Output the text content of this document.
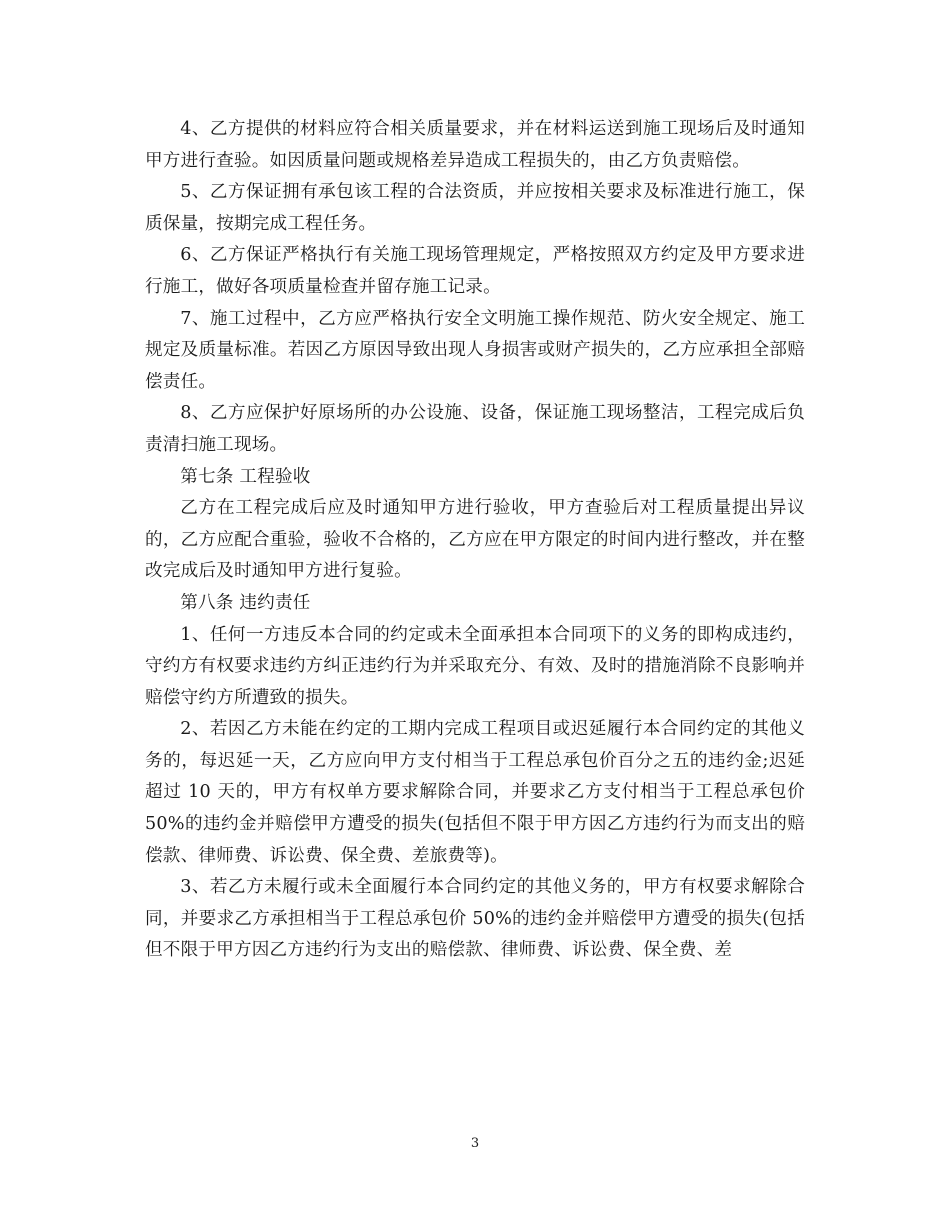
4、乙方提供的材料应符合相关质量要求，并在材料运送到施工现场后及时通知甲方进行查验。如因质量问题或规格差异造成工程损失的，由乙方负责赔偿。

5、乙方保证拥有承包该工程的合法资质，并应按相关要求及标准进行施工，保质保量，按期完成工程任务。

6、乙方保证严格执行有关施工现场管理规定，严格按照双方约定及甲方要求进行施工，做好各项质量检查并留存施工记录。

7、施工过程中，乙方应严格执行安全文明施工操作规范、防火安全规定、施工规定及质量标准。若因乙方原因导致出现人身损害或财产损失的，乙方应承担全部赔偿责任。

8、乙方应保护好原场所的办公设施、设备，保证施工现场整洁，工程完成后负责清扫施工现场。

第七条 工程验收

乙方在工程完成后应及时通知甲方进行验收，甲方查验后对工程质量提出异议的，乙方应配合重验，验收不合格的，乙方应在甲方限定的时间内进行整改，并在整改完成后及时通知甲方进行复验。

第八条 违约责任

1、任何一方违反本合同的约定或未全面承担本合同项下的义务的即构成违约，守约方有权要求违约方纠正违约行为并采取充分、有效、及时的措施消除不良影响并赔偿守约方所遭致的损失。

2、若因乙方未能在约定的工期内完成工程项目或迟延履行本合同约定的其他义务的，每迟延一天，乙方应向甲方支付相当于工程总承包价百分之五的违约金;迟延超过 10 天的，甲方有权单方要求解除合同，并要求乙方支付相当于工程总承包价 50%的违约金并赔偿甲方遭受的损失(包括但不限于甲方因乙方违约行为而支出的赔偿款、律师费、诉讼费、保全费、差旅费等)。

3、若乙方未履行或未全面履行本合同约定的其他义务的，甲方有权要求解除合同，并要求乙方承担相当于工程总承包价 50%的违约金并赔偿甲方遭受的损失(包括但不限于甲方因乙方违约行为支出的赔偿款、律师费、诉讼费、保全费、差

3
